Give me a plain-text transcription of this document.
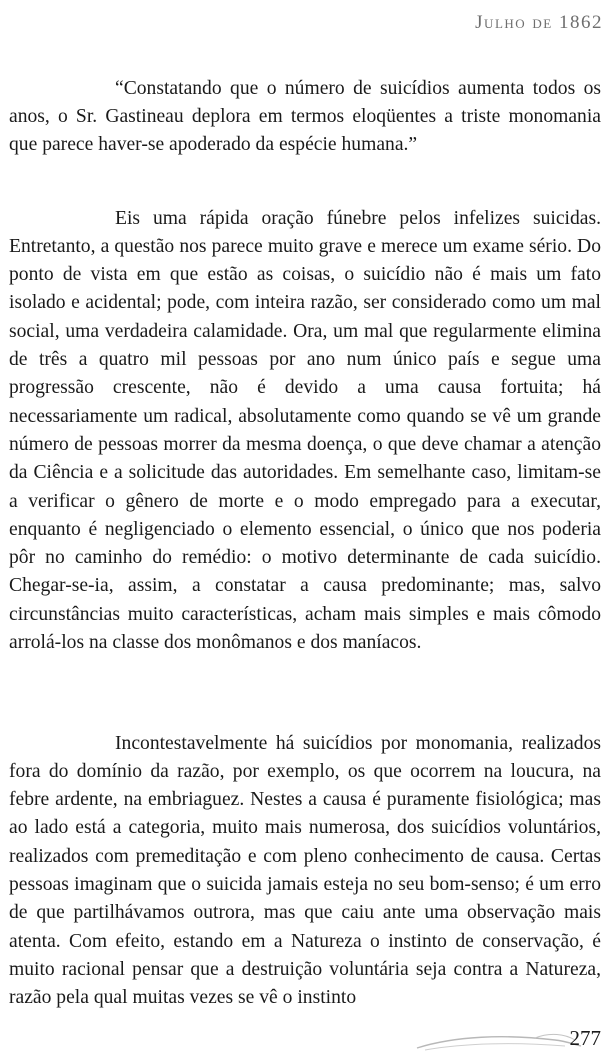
Julho de 1862

“Constatando que o número de suicídios aumenta todos os anos, o Sr. Gastineau deplora em termos eloqüentes a triste monomania que parece haver-se apoderado da espécie humana.”

Eis uma rápida oração fúnebre pelos infelizes suicidas. Entretanto, a questão nos parece muito grave e merece um exame sério. Do ponto de vista em que estão as coisas, o suicídio não é mais um fato isolado e acidental; pode, com inteira razão, ser considerado como um mal social, uma verdadeira calamidade. Ora, um mal que regularmente elimina de três a quatro mil pessoas por ano num único país e segue uma progressão crescente, não é devido a uma causa fortuita; há necessariamente um radical, absolutamente como quando se vê um grande número de pessoas morrer da mesma doença, o que deve chamar a atenção da Ciência e a solicitude das autoridades. Em semelhante caso, limitam-se a verificar o gênero de morte e o modo empregado para a executar, enquanto é negligenciado o elemento essencial, o único que nos poderia pôr no caminho do remédio: o motivo determinante de cada suicídio. Chegar-se-ia, assim, a constatar a causa predominante; mas, salvo circunstâncias muito características, acham mais simples e mais cômodo arrolá-los na classe dos monômanos e dos maníacos.

Incontestavelmente há suicídios por monomania, realizados fora do domínio da razão, por exemplo, os que ocorrem na loucura, na febre ardente, na embriaguez. Nestes a causa é puramente fisiológica; mas ao lado está a categoria, muito mais numerosa, dos suicídios voluntários, realizados com premeditação e com pleno conhecimento de causa. Certas pessoas imaginam que o suicida jamais esteja no seu bom-senso; é um erro de que partilhávamos outrora, mas que caiu ante uma observação mais atenta. Com efeito, estando em a Natureza o instinto de conservação, é muito racional pensar que a destruição voluntária seja contra a Natureza, razão pela qual muitas vezes se vê o instinto

277
